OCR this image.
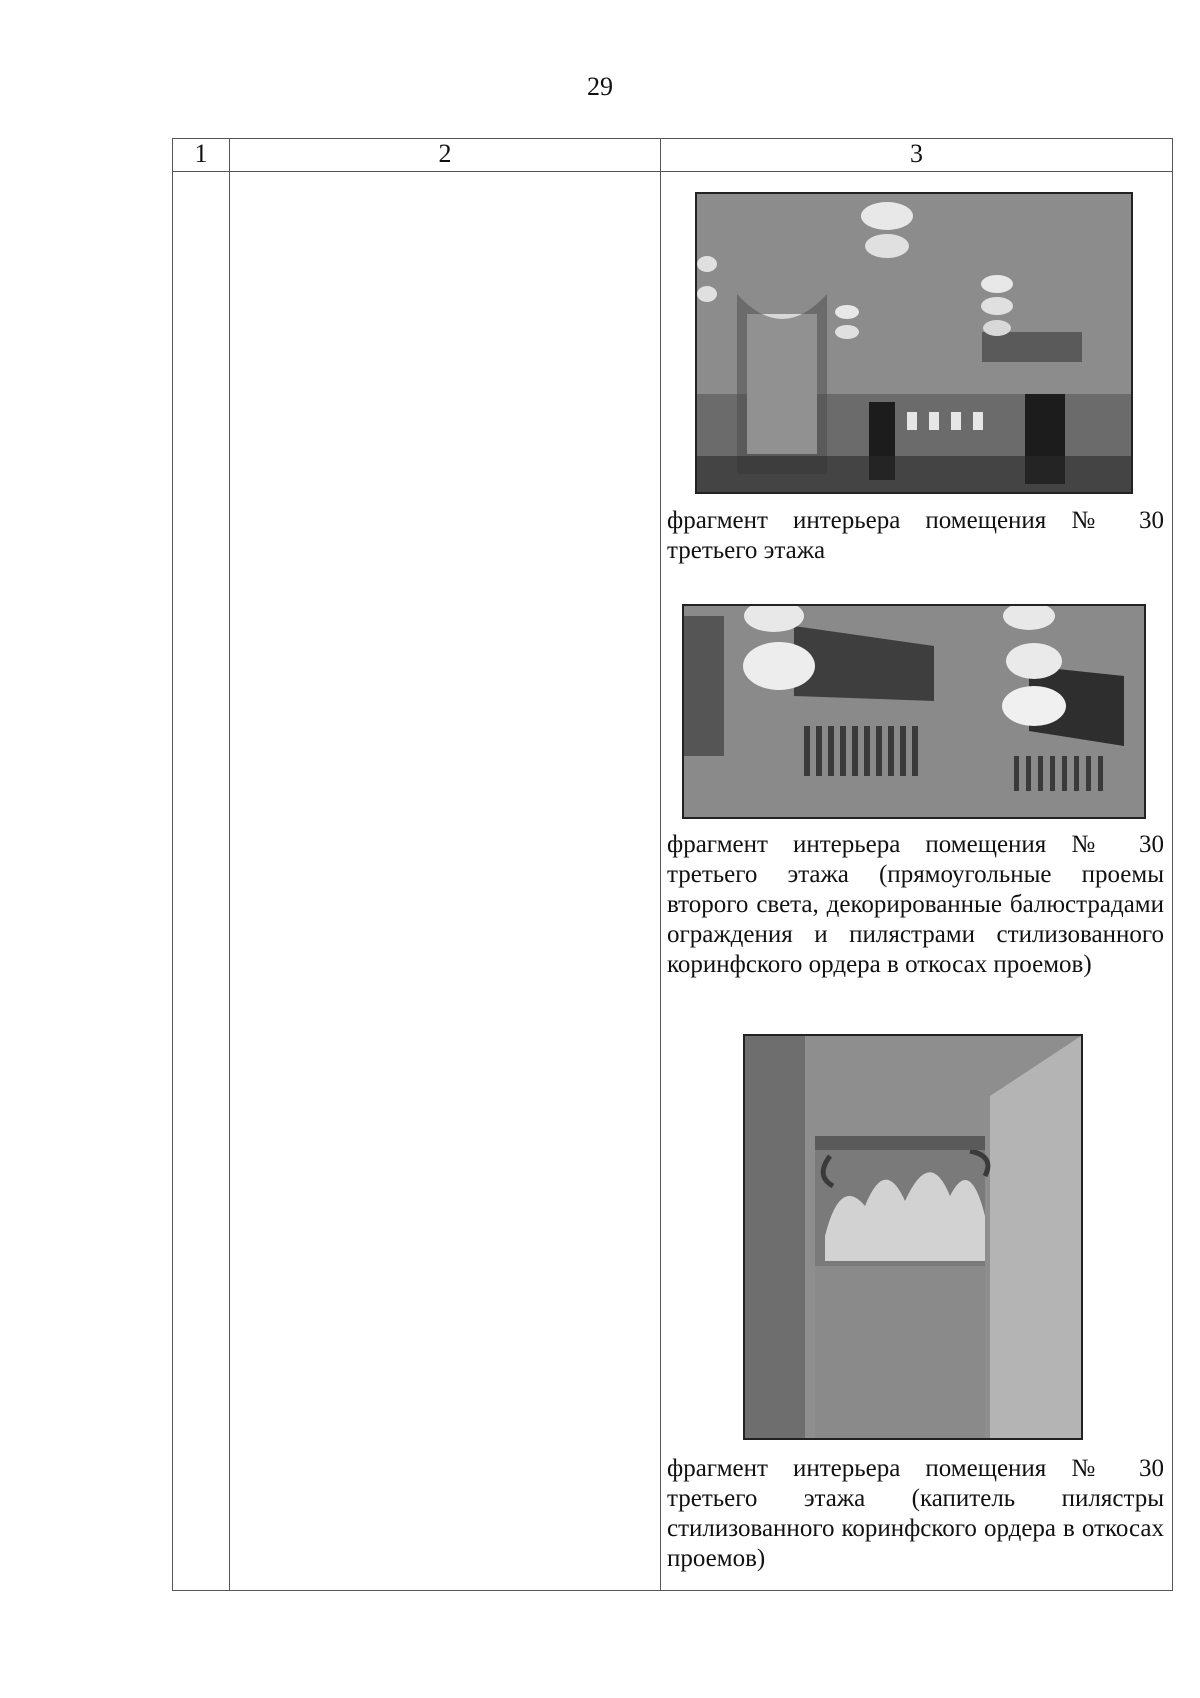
29
1	2	3

		фрагмент интерьера помещения № 30 третьего этажа

фрагмент интерьера помещения № 30 третьего этажа (прямоугольные проемы второго света, декорированные балюстрадами ограждения и пилястрами стилизованного коринфского ордера в откосах проемов)

фрагмент интерьера помещения № 30 третьего этажа (капитель пилястры стилизованного коринфского ордера в откосах проемов)
